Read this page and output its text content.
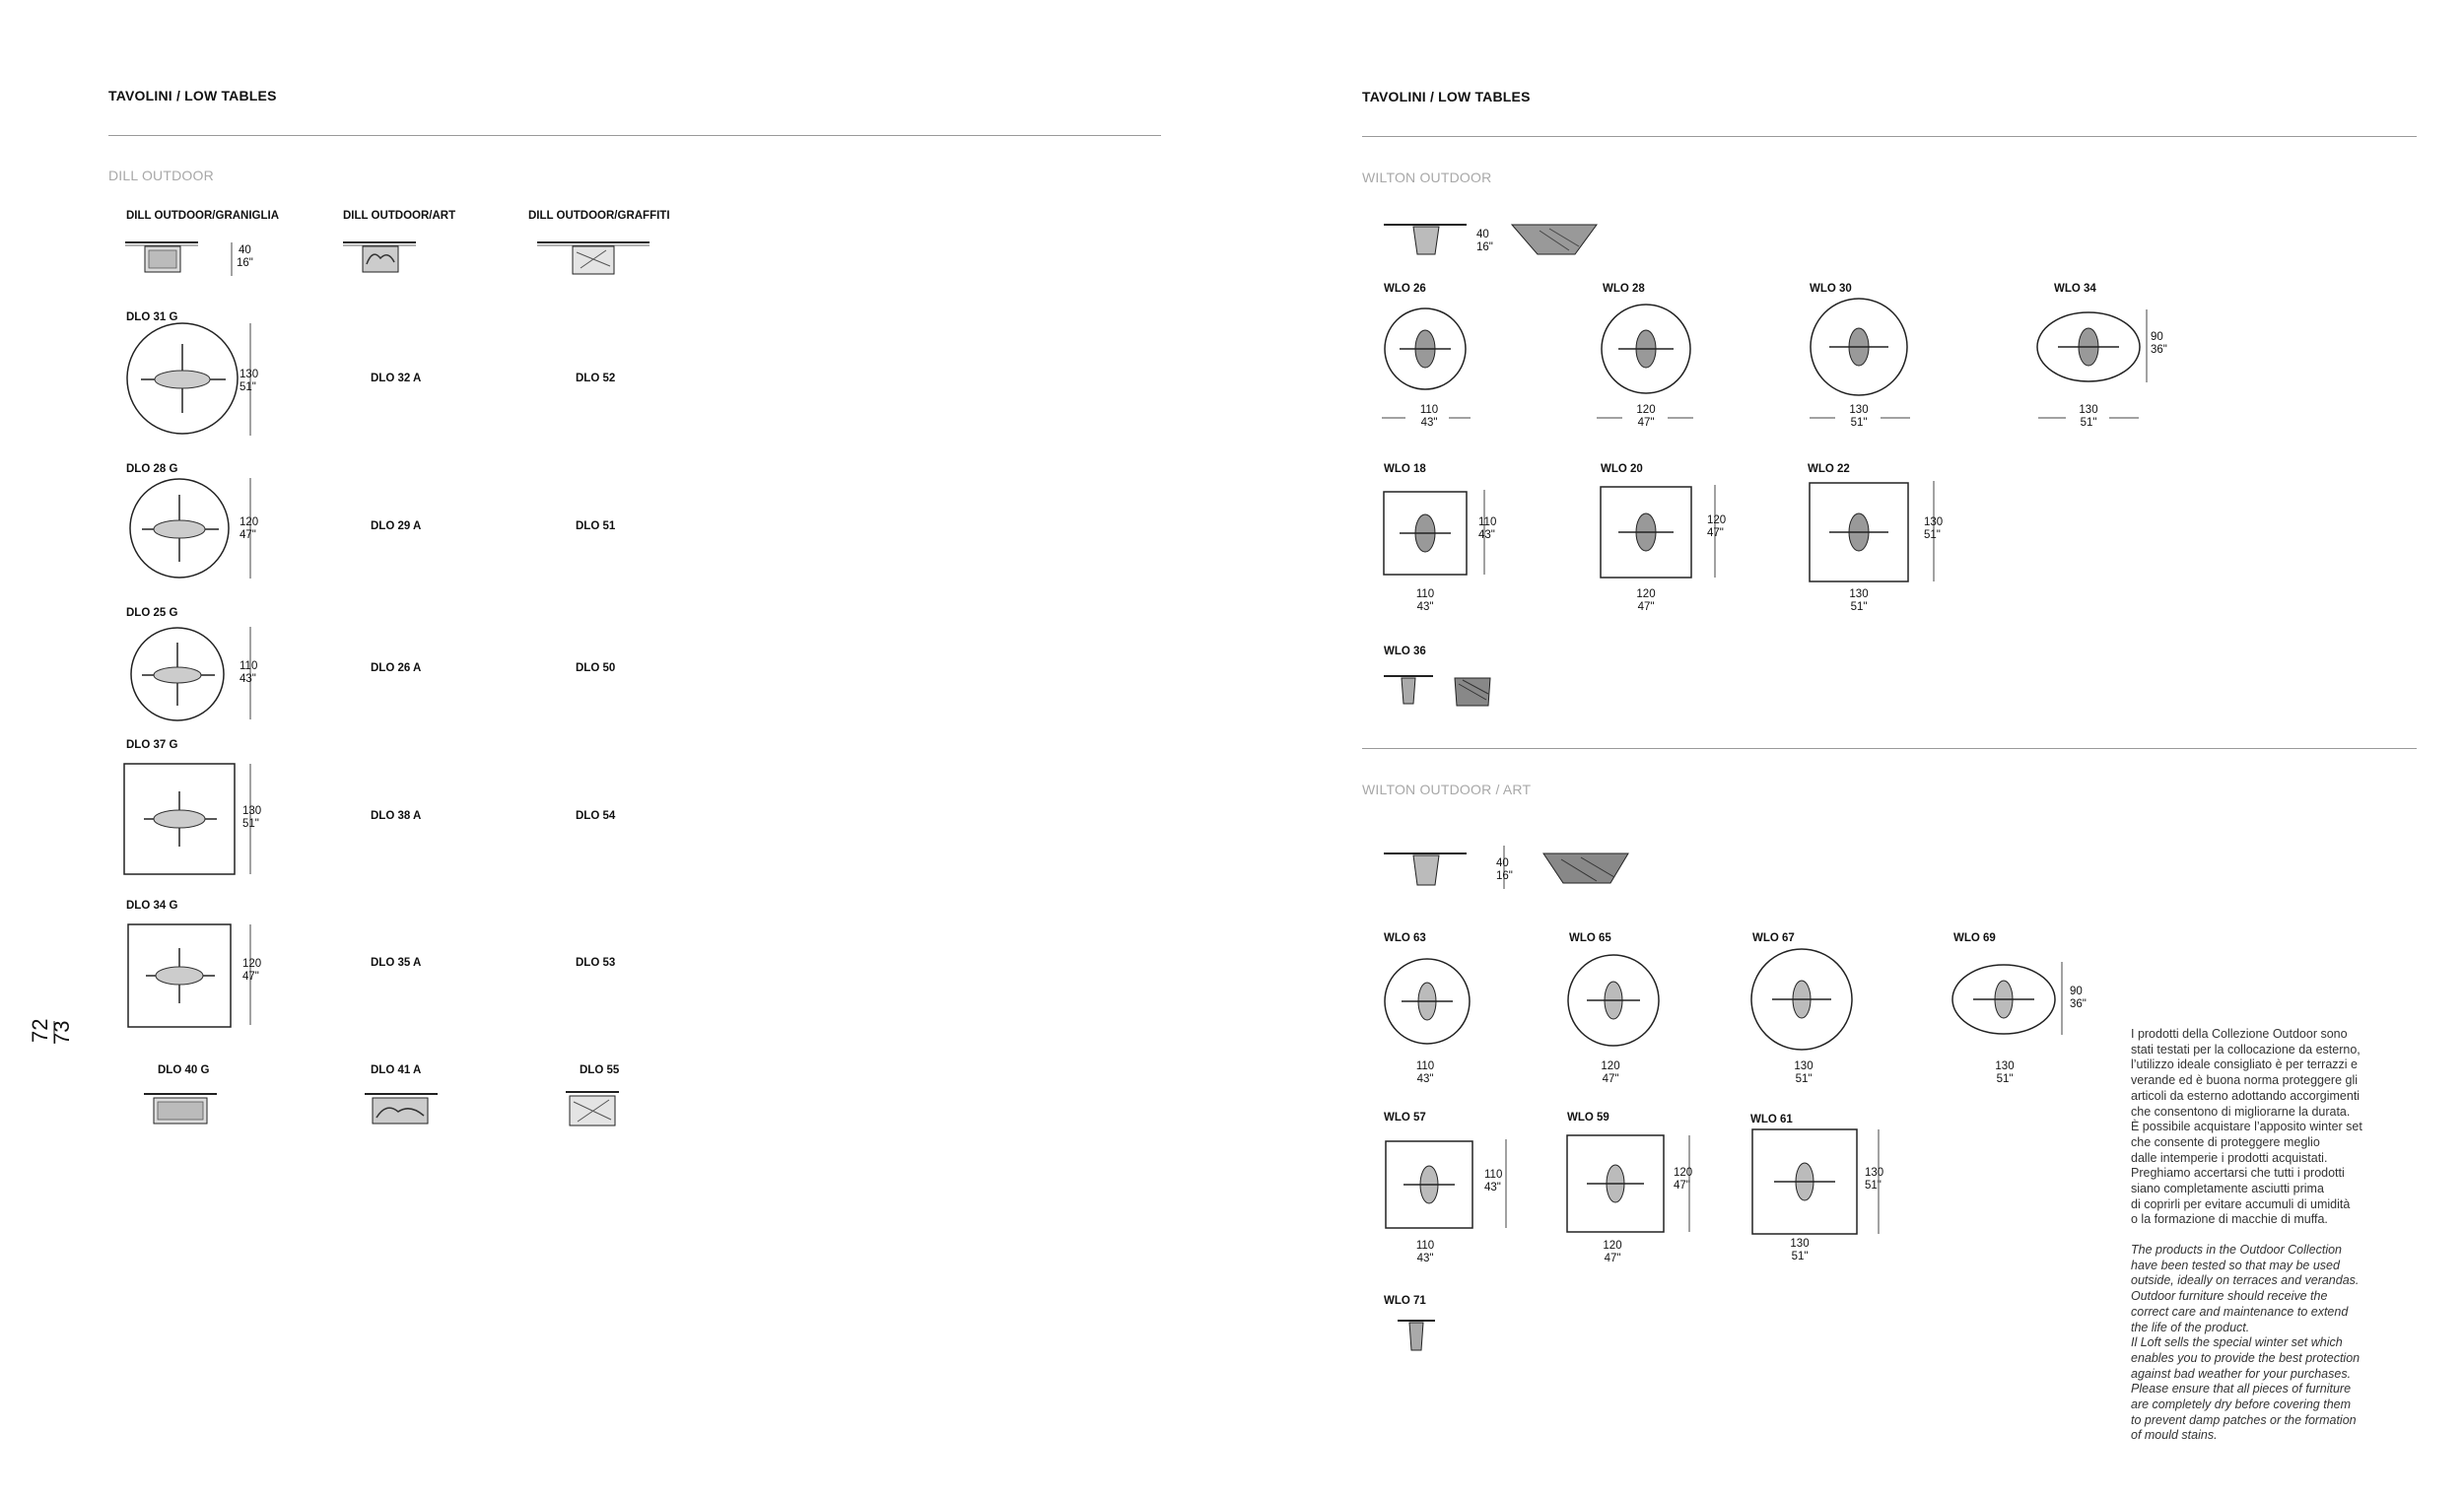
TAVOLINI / LOW TABLES
DILL OUTDOOR
DILL OUTDOOR/GRANIGLIA	DILL OUTDOOR/ART	DILL OUTDOOR/GRAFFITI
40
16"
DLO 31 G
130
51"
DLO 32 A	DLO 52
DLO 28 G
120
47"
DLO 29 A	DLO 51
DLO 25 G
110
43"
DLO 26 A	DLO 50
DLO 37 G
130
51"
DLO 38 A	DLO 54
DLO 34 G
120
47"
DLO 35 A	DLO 53
DLO 40 G	DLO 41 A	DLO 55
72
73
TAVOLINI / LOW TABLES
WILTON OUTDOOR
40
16"
WLO 26	WLO 28	WLO 30	WLO 34
90
36"
110
43"
120
47"
130
51"
130
51"
WLO 18	WLO 20	WLO 22
110
43"
120
47"
130
51"
110
43"
120
47"
130
51"
WLO 36
WILTON OUTDOOR / ART
40
16"
WLO 63	WLO 65	WLO 67	WLO 69
90
36"
110
43"
120
47"
130
51"
130
51"
WLO 57	WLO 59	WLO 61
110
43"
120
47"
130
51"
110
43"
120
47"
130
51"
WLO 71
I prodotti della Collezione Outdoor sono
stati testati per la collocazione da esterno,
l’utilizzo ideale consigliato è per terrazzi e
verande ed è buona norma proteggere gli
articoli da esterno adottando accorgimenti
che consentono di migliorarne la durata.
È possibile acquistare l’apposito winter set
che consente di proteggere meglio
dalle intemperie i prodotti acquistati.
Preghiamo accertarsi che tutti i prodotti
siano completamente asciutti prima
di coprirli per evitare accumuli di umidità
o la formazione di macchie di muffa.
The products in the Outdoor Collection
have been tested so that may be used
outside, ideally on terraces and verandas.
Outdoor furniture should receive the
correct care and maintenance to extend
the life of the product.
Il Loft sells the special winter set which
enables you to provide the best protection
against bad weather for your purchases.
Please ensure that all pieces of furniture
are completely dry before covering them
to prevent damp patches or the formation
of mould stains.
